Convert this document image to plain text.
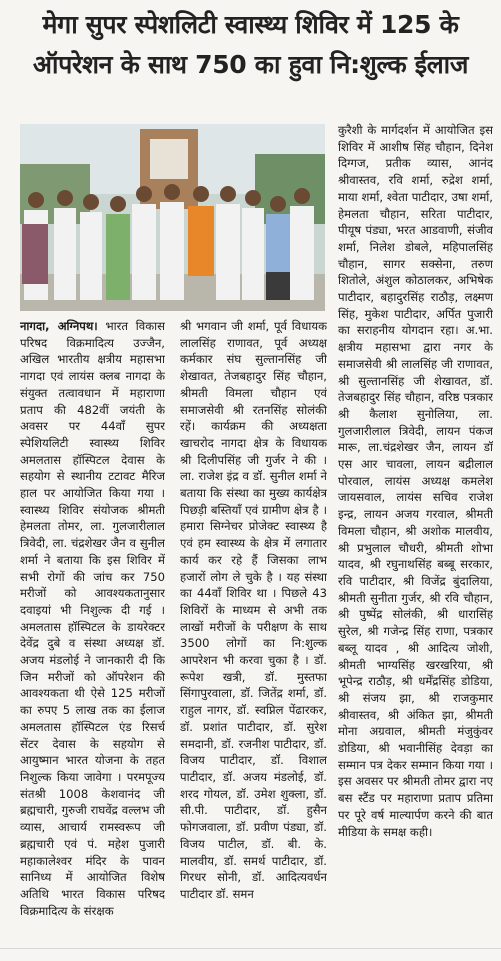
मेगा सुपर स्पेशलिटी स्वास्थ्य शिविर में 125 के
ऑपरेशन के साथ 750 का हुवा नि:शुल्क ईलाज

नागदा, अग्निपथ। भारत विकास परिषद विक्रमादित्य उज्जैन, अखिल भारतीय क्षत्रीय महासभा नागदा एवं लायंस क्लब नागदा के संयुक्त तत्वावधान में महाराणा प्रताप की 482वीं जयंती के अवसर पर 44वाँ सुपर स्पेशियलिटी स्वास्थ्य शिविर अमलतास हॉस्पिटल देवास के सहयोग से स्थानीय टटावट मैरिज हाल पर आयोजित किया गया । स्वास्थ्य शिविर संयोजक श्रीमती हेमलता तोमर, ला. गुलजारीलाल त्रिवेदी, ला. चंद्रशेखर जैन व सुनील शर्मा ने बताया कि इस शिविर में सभी रोगों की जांच कर 750 मरीजों को आवश्यकतानुसार दवाइयां भी निशुल्क दी गई । अमलतास हॉस्पिटल के डायरेक्टर देवेंद्र दुबे व संस्था अध्यक्ष डॉ. अजय मंडलोई ने जानकारी दी कि जिन मरीजों को ऑपरेशन की आवश्यकता थी ऐसे 125 मरीजों का रुपए 5 लाख तक का ईलाज अमलतास हॉस्पिटल एंड रिसर्च सेंटर देवास के सहयोग से आयुष्मान भारत योजना के तहत निशुल्क किया जावेगा । परमपूज्य संतश्री 1008 केशवानंद जी ब्रह्मचारी, गुरुजी राघवेंद्र वल्लभ जी व्यास, आचार्य रामस्वरूप जी ब्रह्मचारी एवं पं. महेश पुजारी महाकालेश्वर मंदिर के पावन सानिध्य में आयोजित विशेष अतिथि भारत विकास परिषद विक्रमादित्य के संरक्षक

श्री भगवान जी शर्मा, पूर्व विधायक लालसिंह राणावत, पूर्व अध्यक्ष कर्मकार संघ सुल्तानसिंह जी शेखावत, तेजबहादुर सिंह चौहान, श्रीमती विमला चौहान एवं समाजसेवी श्री रतनसिंह सोलंकी रहें। कार्यक्रम की अध्यक्षता खाचरोद नागदा क्षेत्र के विधायक श्री दिलीपसिंह जी गुर्जर ने की । ला. राजेश इंद्र व डॉ. सुनील शर्मा ने बताया कि संस्था का मुख्य कार्यक्षेत्र पिछड़ी बस्तियाँ एवं ग्रामीण क्षेत्र है । हमारा सिग्नेचर प्रोजेक्ट स्वास्थ्य है एवं हम स्वास्थ्य के क्षेत्र में लगातार कार्य कर रहे हैं जिसका लाभ हजारों लोग ले चुके है । यह संस्था का 44वाँ शिविर था । पिछले 43 शिविरों के माध्यम से अभी तक लाखों मरीजों के परीक्षण के साथ 3500 लोगों का नि:शुल्क आपरेशन भी करवा चुका है । डॉ. रूपेश खत्री, डॉ. मुस्तफा सिंगापुरवाला, डॉ. जितेंद्र शर्मा, डॉ. राहुल नागर, डॉ. स्वप्निल पेंढारकर, डॉ. प्रशांत पाटीदार, डॉ. सुरेश समदानी, डॉ. रजनीश पाटीदार, डॉ. विजय पाटीदार, डॉ. विशाल पाटीदार, डॉ. अजय मंडलोई, डॉ. शरद गोयल, डॉ. उमेश शुक्ला, डॉ. सी.पी. पाटीदार, डॉ. हुसैन फोगजवाला, डॉ. प्रवीण पंड्या, डॉ. विजय पाटील, डॉ. बी. के. मालवीय, डॉ. समर्थ पाटीदार, डॉ. गिरधर सोनी, डॉ. आदित्यवर्धन पाटीदार डॉ. समन

कुरैशी के मार्गदर्शन में आयोजित इस शिविर में आशीष सिंह चौहान, दिनेश दिग्गज, प्रतीक व्यास, आनंद श्रीवास्तव, रवि शर्मा, रुद्रेश शर्मा, माया शर्मा, श्वेता पाटीदार, उषा शर्मा, हेमलता चौहान, सरिता पाटीदार, पीयूष पंड्या, भरत आडवाणी, संजीव शर्मा, निलेश डोबले, महिपालसिंह चौहान, सागर सक्सेना, तरुण शितोले, अंशुल कोठालकर, अभिषेक पाटीदार, बहादुरसिंह राठौड़, लक्ष्मण सिंह, मुकेश पाटीदार, अर्पित पुजारी का सराहनीय योगदान रहा। अ.भा. क्षत्रीय महासभा द्वारा नगर के समाजसेवी श्री लालसिंह जी राणावत, श्री सुल्तानसिंह जी शेखावत, डॉ. तेजबहादुर सिंह चौहान, वरिष्ठ पत्रकार श्री कैलाश सुनोलिया, ला. गुलजारीलाल त्रिवेदी, लायन पंकज मारू, ला.चंद्रशेखर जैन, लायन डॉ एस आर चावला, लायन बद्रीलाल पोरवाल, लायंस अध्यक्ष कमलेश जायसवाल, लायंस सचिव राजेश इन्द्र, लायन अजय गरवाल, श्रीमती विमला चौहान, श्री अशोक मालवीय, श्री प्रभुलाल चौधरी, श्रीमती शोभा यादव, श्री रघुनाथसिंह बब्बू सरकार, रवि पाटीदार, श्री विजेंद्र बुंदालिया, श्रीमती सुनीता गुर्जर, श्री रवि चौहान, श्री पुष्पेंद्र सोलंकी, श्री धारासिंह सुरेल, श्री गजेन्द्र सिंह राणा, पत्रकार बब्लू यादव , श्री आदित्य जोशी, श्रीमती भाग्यसिंह खरखरिया, श्री भूपेन्द्र राठौड़, श्री धर्मेंद्रसिंह डोडिया, श्री संजय झा, श्री राजकुमार श्रीवास्तव, श्री अंकित झा, श्रीमती मोना अग्रवाल, श्रीमती मंजुकुंवर डोडिया, श्री भवानीसिंह देवड़ा का सम्मान पत्र देकर सम्मान किया गया । इस अवसर पर श्रीमती तोमर द्वारा नए बस स्टैंड पर महाराणा प्रताप प्रतिमा पर पूरे वर्ष माल्यार्पण करने की बात मीडिया के समक्ष कही।
